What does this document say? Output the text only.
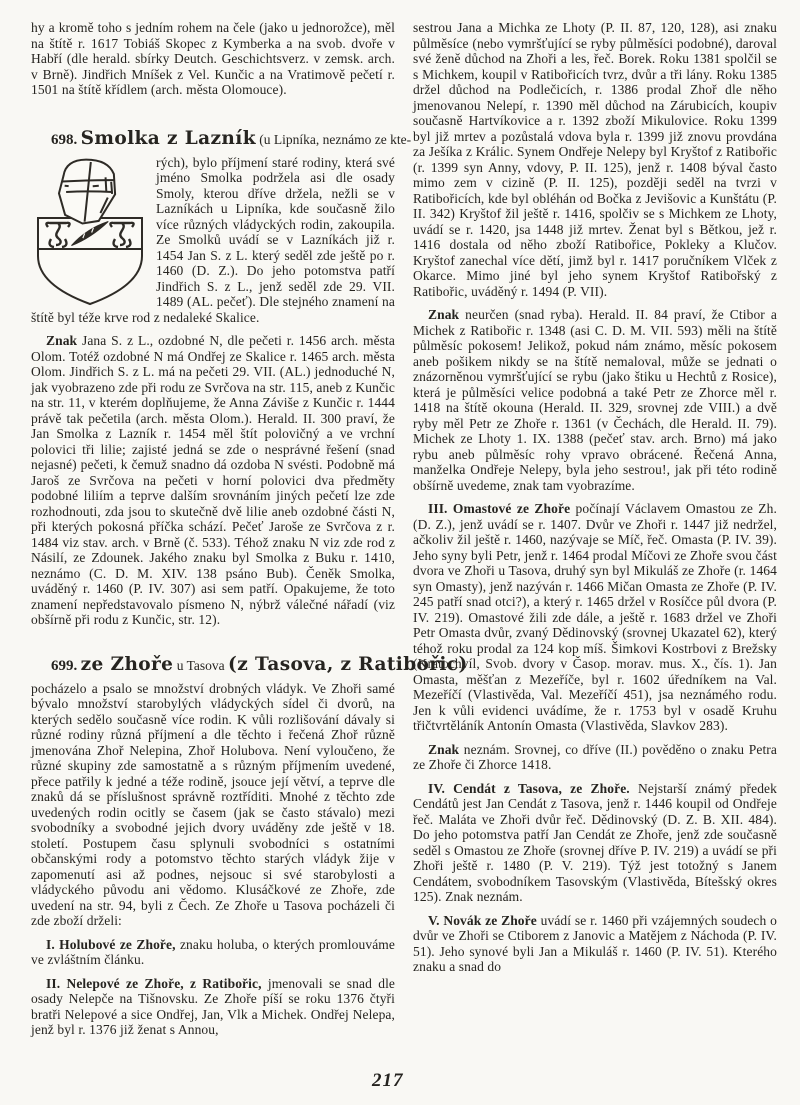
hy a kromě toho s jedním rohem na čele (jako u jednorožce), měl na štítě r. 1617 Tobiáš Skopec z Kymberka a na svob. dvoře v Habří (dle herald. sbírky Deutch. Geschichtsverz. v zemsk. arch. v Brně). Jindřich Mníšek z Vel. Kunčic a na Vratimově pečetí r. 1501 na štítě křídlem (arch. města Olomouce).

698. Smolka z Lazník (u Lipníka, neznámo ze kte-

rých), bylo příjmení staré rodiny, která své jméno Smolka podržela asi dle osady Smoly, kterou dříve držela, nežli se v Lazníkách u Lipníka, kde současně žilo více různých vládyckých rodin, zakoupila. Ze Smolků uvádí se v Lazníkách již r. 1454 Jan S. z L. který seděl zde ještě po r. 1460 (D. Z.). Do jeho potomstva patří Jindřich S. z L., jenž seděl zde 29. VII. 1489 (AL. pečeť). Dle stejného znamení na štítě byl téže krve rod z nedaleké Skalice.

Znak Jana S. z L., ozdobné N, dle pečeti r. 1456 arch. města Olom. Totéž ozdobné N má Ondřej ze Skalice r. 1465 arch. města Olom. Jindřich S. z L. má na pečeti 29. VII. (AL.) jednoduché N, jak vyobrazeno zde při rodu ze Svrčova na str. 115, aneb z Kunčic na str. 11, v kterém doplňujeme, že Anna Záviše z Kunčic r. 1444 právě tak pečetila (arch. města Olom.). Herald. II. 300 praví, že Jan Smolka z Lazník r. 1454 měl štít polovičný a ve vrchní polovici tři lilie; zajisté jedná se zde o nesprávné řešení (snad nejasné) pečeti, k čemuž snadno dá ozdoba N svésti. Podobně má Jaroš ze Svrčova na pečeti v horní polovici dva předměty podobné liliím a teprve dalším srovnáním jiných pečetí lze zde rozhodnouti, zda jsou to skutečně dvě lilie aneb ozdobné části N, při kterých pokosná příčka schází. Pečeť Jaroše ze Svrčova z r. 1484 viz stav. arch. v Brně (č. 533). Téhož znaku N viz zde rod z Násilí, ze Zdounek. Jakého znaku byl Smolka z Buku r. 1410, neznámo (C. D. M. XIV. 138 psáno Bub). Čeněk Smolka, uváděný r. 1460 (P. IV. 307) asi sem patří. Opakujeme, že toto znamení nepředstavovalo písmeno N, nýbrž válečné nářadí (viz obšírně při rodu z Kunčic, str. 12).

699. ze Zhoře u Tasova (z Tasova, z Ratibořic)

pocházelo a psalo se množství drobných vládyk. Ve Zhoři samé bývalo množství starobylých vládyckých sídel či dvorů, na kterých sedělo současně více rodin. K vůli rozlišování dávaly si různé rodiny různá příjmení a dle těchto i řečená Zhoř různě jmenována Zhoř Nelepina, Zhoř Holubova. Není vyloučeno, že různé skupiny zde samostatně a s různým příjmením uvedené, přece patřily k jedné a téže rodině, jsouce její větví, a teprve dle znaků dá se příslušnost správně roztříditi. Mnohé z těchto zde uvedených rodin ocitly se časem (jak se často stávalo) mezi svobodníky a svobodné jejich dvory uváděny zde ještě v 18. století. Postupem času splynuli svobodníci s ostatními občanskými rody a potomstvo těchto starých vládyk žije v zapomenutí asi až podnes, nejsouc si své starobylosti a vládyckého původu ani vědomo. Klusáčkové ze Zhoře, zde uvedení na str. 94, byli z Čech. Ze Zhoře u Tasova pocházeli či zde zboží drželi:

I. Holubové ze Zhoře, znaku holuba, o kterých promlouváme ve zvláštním článku.

II. Nelepové ze Zhoře, z Ratibořic, jmenovali se snad dle osady Nelepče na Tišnovsku. Ze Zhoře píší se roku 1376 čtyři bratři Nelepové a sice Ondřej, Jan, Vlk a Michek. Ondřej Nelepa, jenž byl r. 1376 již ženat s Annou,

sestrou Jana a Michka ze Lhoty (P. II. 87, 120, 128), asi znaku půlměsíce (nebo vymršťující se ryby půlměsíci podobné), daroval své ženě důchod na Zhoři a les, řeč. Borek. Roku 1381 spolčil se s Michkem, koupil v Ratibořicích tvrz, dvůr a tři lány. Roku 1385 držel důchod na Podlečicích, r. 1386 prodal Zhoř dle něho jmenovanou Nelepí, r. 1390 měl důchod na Zárubicích, koupiv současně Hartvíkovice a r. 1392 zboží Mikulovice. Roku 1399 byl již mrtev a pozůstalá vdova byla r. 1399 již znovu provdána za Ješíka z Králic. Synem Ondřeje Nelepy byl Kryštof z Ratibořic (r. 1399 syn Anny, vdovy, P. II. 125), jenž r. 1408 býval často mimo zem v cizině (P. II. 125), později seděl na tvrzi v Ratibořicích, kde byl obléhán od Bočka z Jevišovic a Kunštátu (P. II. 342) Kryštof žil ještě r. 1416, spolčiv se s Michkem ze Lhoty, uvádí se r. 1420, jsa 1448 již mrtev. Ženat byl s Bětkou, jež r. 1416 dostala od něho zboží Ratibořice, Pokleky a Klučov. Kryštof zanechal více dětí, jimž byl r. 1417 poručníkem Vlček z Okarce. Mimo jiné byl jeho synem Kryštof Ratibořský z Ratibořic, uváděný r. 1494 (P. VII).

Znak neurčen (snad ryba). Herald. II. 84 praví, že Ctibor a Michek z Ratibořic r. 1348 (asi C. D. M. VII. 593) měli na štítě půlměsíc pokosem! Jelikož, pokud nám známo, měsíc pokosem aneb pošikem nikdy se na štítě nemaloval, může se jednati o znázorněnou vymršťující se rybu (jako štiku u Hechtů z Rosice), která je půlměsíci velice podobná a také Petr ze Zhorce měl r. 1418 na štítě okouna (Herald. II. 329, srovnej zde VIII.) a dvě ryby měl Petr ze Zhoře r. 1361 (v Čechách, dle Herald. II. 79). Michek ze Lhoty 1. IX. 1388 (pečeť stav. arch. Brno) má jako rybu aneb půlměsíc rohy vpravo obrácené. Řečená Anna, manželka Ondřeje Nelepy, byla jeho sestrou!, jak při této rodině obšírně uvedeme, znak tam vyobrazíme.

III. Omastové ze Zhoře počínají Václavem Omastou ze Zh. (D. Z.), jenž uvádí se r. 1407. Dvůr ve Zhoři r. 1447 již nedržel, ačkoliv žil ještě r. 1460, nazývaje se Míč, řeč. Omasta (P. IV. 39). Jeho syny byli Petr, jenž r. 1464 prodal Míčovi ze Zhoře svou část dvora ve Zhoři u Tasova, druhý syn byl Mikuláš ze Zhoře (r. 1464 syn Omasty), jenž nazýván r. 1466 Mičan Omasta ze Zhoře (P. IV. 245 patří snad otci?), a který r. 1465 držel v Rosíčce půl dvora (P. IV. 219). Omastové žili zde dále, a ještě r. 1683 držel ve Zhoři Petr Omasta dvůr, zvaný Dědinovský (srovnej Ukazatel 62), který téhož roku prodal za 124 kop míš. Šimkovi Kostrbovi z Brežsky (Kratochvíl, Svob. dvory v Časop. morav. mus. X., čís. 1). Jan Omasta, měšťan z Mezeříče, byl r. 1602 úředníkem na Val. Mezeříčí (Vlastivěda, Val. Mezeříčí 451), jsa neznámého rodu. Jen k vůli evidenci uvádíme, že r. 1753 byl v osadě Kruhu třičtvrtěláník Antonín Omasta (Vlastivěda, Slavkov 283).

Znak neznám. Srovnej, co dříve (II.) pověděno o znaku Petra ze Zhoře či Zhorce 1418.

IV. Cendát z Tasova, ze Zhoře. Nejstarší známý předek Cendátů jest Jan Cendát z Tasova, jenž r. 1446 koupil od Ondřeje řeč. Maláta ve Zhoři dvůr řeč. Dědinovský (D. Z. B. XII. 484). Do jeho potomstva patří Jan Cendát ze Zhoře, jenž zde současně seděl s Omastou ze Zhoře (srovnej dříve P. IV. 219) a uvádí se při Zhoři ještě r. 1480 (P. V. 219). Týž jest totožný s Janem Cendátem, svobodníkem Tasovským (Vlastivěda, Bítešský okres 125). Znak neznám.

V. Novák ze Zhoře uvádí se r. 1460 při vzájemných soudech o dvůr ve Zhoři se Ctiborem z Janovic a Matějem z Náchoda (P. IV. 51). Jeho synové byli Jan a Mikuláš r. 1460 (P. IV. 51). Kterého znaku a snad do

217
